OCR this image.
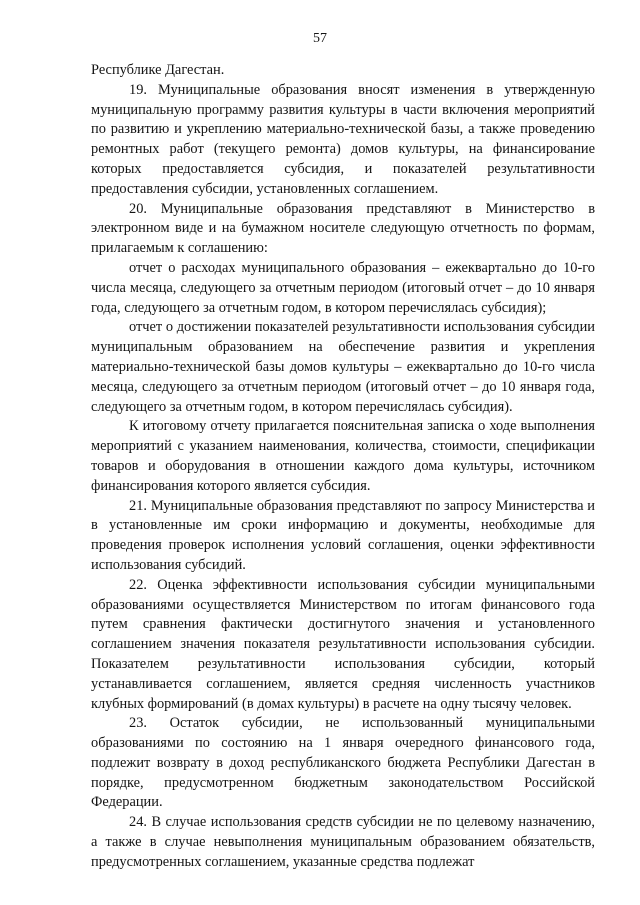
57

Республике Дагестан.

19. Муниципальные образования вносят изменения в утвержденную муниципальную программу развития культуры в части включения мероприятий по развитию и укреплению материально-технической базы, а также проведению ремонтных работ (текущего ремонта) домов культуры, на финансирование которых предоставляется субсидия, и показателей результативности предоставления субсидии, установленных соглашением.

20. Муниципальные образования представляют в Министерство в электронном виде и на бумажном носителе следующую отчетность по формам, прилагаемым к соглашению:

отчет о расходах муниципального образования – ежеквартально до 10-го числа месяца, следующего за отчетным периодом (итоговый отчет – до 10 января года, следующего за отчетным годом, в котором перечислялась субсидия);

отчет о достижении показателей результативности использования субсидии муниципальным образованием на обеспечение развития и укрепления материально-технической базы домов культуры – ежеквартально до 10-го числа месяца, следующего за отчетным периодом (итоговый отчет – до 10 января года, следующего за отчетным годом, в котором перечислялась субсидия).

К итоговому отчету прилагается пояснительная записка о ходе выполнения мероприятий с указанием наименования, количества, стоимости, спецификации товаров и оборудования в отношении каждого дома культуры, источником финансирования которого является субсидия.

21. Муниципальные образования представляют по запросу Министерства и в установленные им сроки информацию и документы, необходимые для проведения проверок исполнения условий соглашения, оценки эффективности использования субсидий.

22. Оценка эффективности использования субсидии муниципальными образованиями осуществляется Министерством по итогам финансового года путем сравнения фактически достигнутого значения и установленного соглашением значения показателя результативности использования субсидии. Показателем результативности использования субсидии, который устанавливается соглашением, является средняя численность участников клубных формирований (в домах культуры) в расчете на одну тысячу человек.

23. Остаток субсидии, не использованный муниципальными образованиями по состоянию на 1 января очередного финансового года, подлежит возврату в доход республиканского бюджета Республики Дагестан в порядке, предусмотренном бюджетным законодательством Российской Федерации.

24. В случае использования средств субсидии не по целевому назначению, а также в случае невыполнения муниципальным образованием обязательств, предусмотренных соглашением, указанные средства подлежат
